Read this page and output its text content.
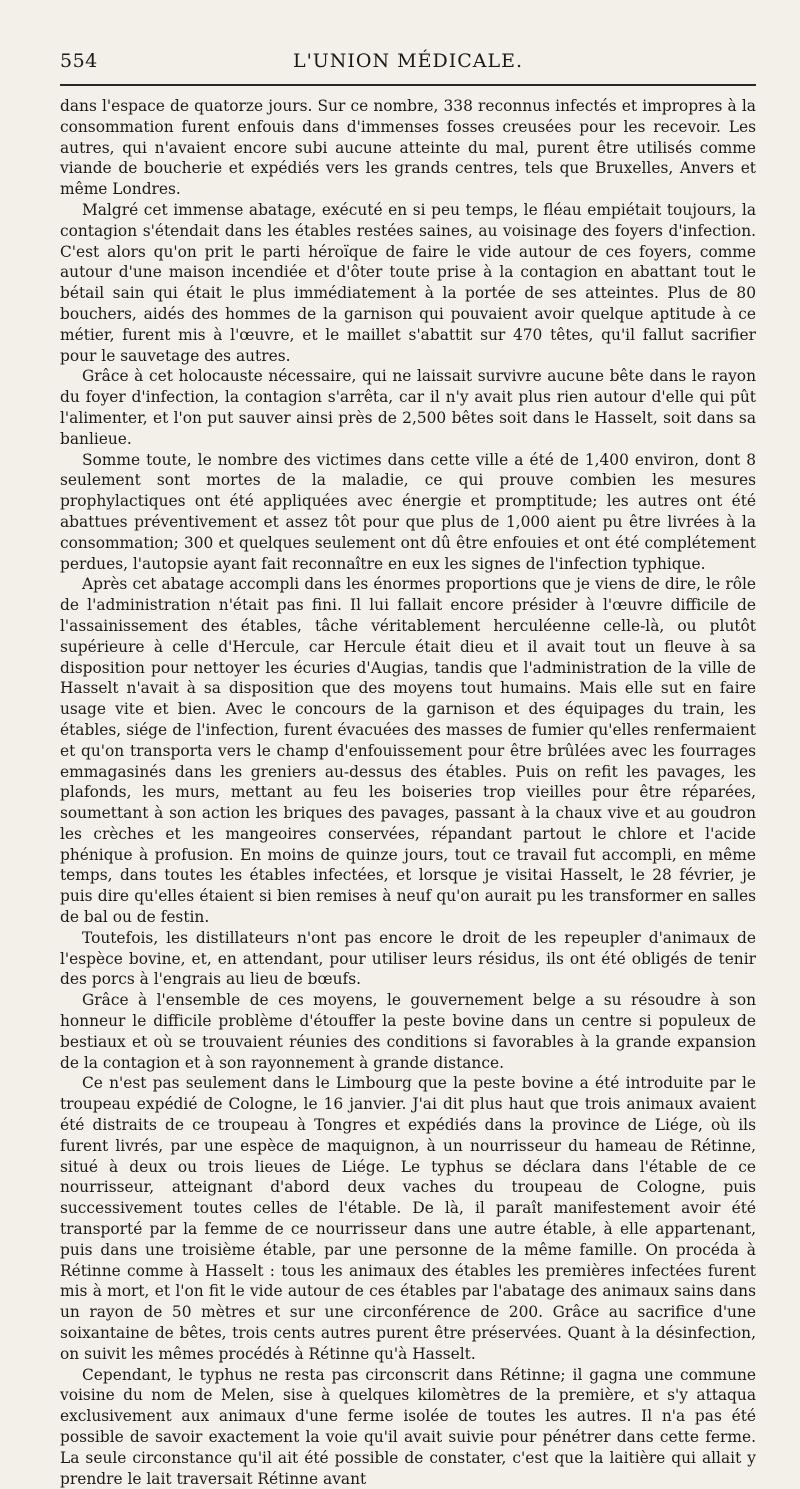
554	L'UNION MÉDICALE.

dans l'espace de quatorze jours. Sur ce nombre, 338 reconnus infectés et impropres à la consommation furent enfouis dans d'immenses fosses creusées pour les recevoir. Les autres, qui n'avaient encore subi aucune atteinte du mal, purent être utilisés comme viande de boucherie et expédiés vers les grands centres, tels que Bruxelles, Anvers et même Londres.

Malgré cet immense abatage, exécuté en si peu temps, le fléau empiétait toujours, la contagion s'étendait dans les étables restées saines, au voisinage des foyers d'infection. C'est alors qu'on prit le parti héroïque de faire le vide autour de ces foyers, comme autour d'une maison incendiée et d'ôter toute prise à la contagion en abattant tout le bétail sain qui était le plus immédiatement à la portée de ses atteintes. Plus de 80 bouchers, aidés des hommes de la garnison qui pouvaient avoir quelque aptitude à ce métier, furent mis à l'œuvre, et le maillet s'abattit sur 470 têtes, qu'il fallut sacrifier pour le sauvetage des autres.

Grâce à cet holocauste nécessaire, qui ne laissait survivre aucune bête dans le rayon du foyer d'infection, la contagion s'arrêta, car il n'y avait plus rien autour d'elle qui pût l'alimenter, et l'on put sauver ainsi près de 2,500 bêtes soit dans le Hasselt, soit dans sa banlieue.

Somme toute, le nombre des victimes dans cette ville a été de 1,400 environ, dont 8 seulement sont mortes de la maladie, ce qui prouve combien les mesures prophylactiques ont été appliquées avec énergie et promptitude; les autres ont été abattues préventivement et assez tôt pour que plus de 1,000 aient pu être livrées à la consommation; 300 et quelques seulement ont dû être enfouies et ont été complétement perdues, l'autopsie ayant fait reconnaître en eux les signes de l'infection typhique.

Après cet abatage accompli dans les énormes proportions que je viens de dire, le rôle de l'administration n'était pas fini. Il lui fallait encore présider à l'œuvre difficile de l'assainissement des étables, tâche véritablement herculéenne celle-là, ou plutôt supérieure à celle d'Hercule, car Hercule était dieu et il avait tout un fleuve à sa disposition pour nettoyer les écuries d'Augias, tandis que l'administration de la ville de Hasselt n'avait à sa disposition que des moyens tout humains. Mais elle sut en faire usage vite et bien. Avec le concours de la garnison et des équipages du train, les étables, siége de l'infection, furent évacuées des masses de fumier qu'elles renfermaient et qu'on transporta vers le champ d'enfouissement pour être brûlées avec les fourrages emmagasinés dans les greniers au-dessus des étables. Puis on refit les pavages, les plafonds, les murs, mettant au feu les boiseries trop vieilles pour être réparées, soumettant à son action les briques des pavages, passant à la chaux vive et au goudron les crèches et les mangeoires conservées, répandant partout le chlore et l'acide phénique à profusion. En moins de quinze jours, tout ce travail fut accompli, en même temps, dans toutes les étables infectées, et lorsque je visitai Hasselt, le 28 février, je puis dire qu'elles étaient si bien remises à neuf qu'on aurait pu les transformer en salles de bal ou de festin.

Toutefois, les distillateurs n'ont pas encore le droit de les repeupler d'animaux de l'espèce bovine, et, en attendant, pour utiliser leurs résidus, ils ont été obligés de tenir des porcs à l'engrais au lieu de bœufs.

Grâce à l'ensemble de ces moyens, le gouvernement belge a su résoudre à son honneur le difficile problème d'étouffer la peste bovine dans un centre si populeux de bestiaux et où se trouvaient réunies des conditions si favorables à la grande expansion de la contagion et à son rayonnement à grande distance.

Ce n'est pas seulement dans le Limbourg que la peste bovine a été introduite par le troupeau expédié de Cologne, le 16 janvier. J'ai dit plus haut que trois animaux avaient été distraits de ce troupeau à Tongres et expédiés dans la province de Liége, où ils furent livrés, par une espèce de maquignon, à un nourrisseur du hameau de Rétinne, situé à deux ou trois lieues de Liége. Le typhus se déclara dans l'étable de ce nourrisseur, atteignant d'abord deux vaches du troupeau de Cologne, puis successivement toutes celles de l'étable. De là, il paraît manifestement avoir été transporté par la femme de ce nourrisseur dans une autre étable, à elle appartenant, puis dans une troisième étable, par une personne de la même famille. On procéda à Rétinne comme à Hasselt : tous les animaux des étables les premières infectées furent mis à mort, et l'on fit le vide autour de ces étables par l'abatage des animaux sains dans un rayon de 50 mètres et sur une circonférence de 200. Grâce au sacrifice d'une soixantaine de bêtes, trois cents autres purent être préservées. Quant à la désinfection, on suivit les mêmes procédés à Rétinne qu'à Hasselt.

Cependant, le typhus ne resta pas circonscrit dans Rétinne; il gagna une commune voisine du nom de Melen, sise à quelques kilomètres de la première, et s'y attaqua exclusivement aux animaux d'une ferme isolée de toutes les autres. Il n'a pas été possible de savoir exactement la voie qu'il avait suivie pour pénétrer dans cette ferme. La seule circonstance qu'il ait été possible de constater, c'est que la laitière qui allait y prendre le lait traversait Rétinne avant
